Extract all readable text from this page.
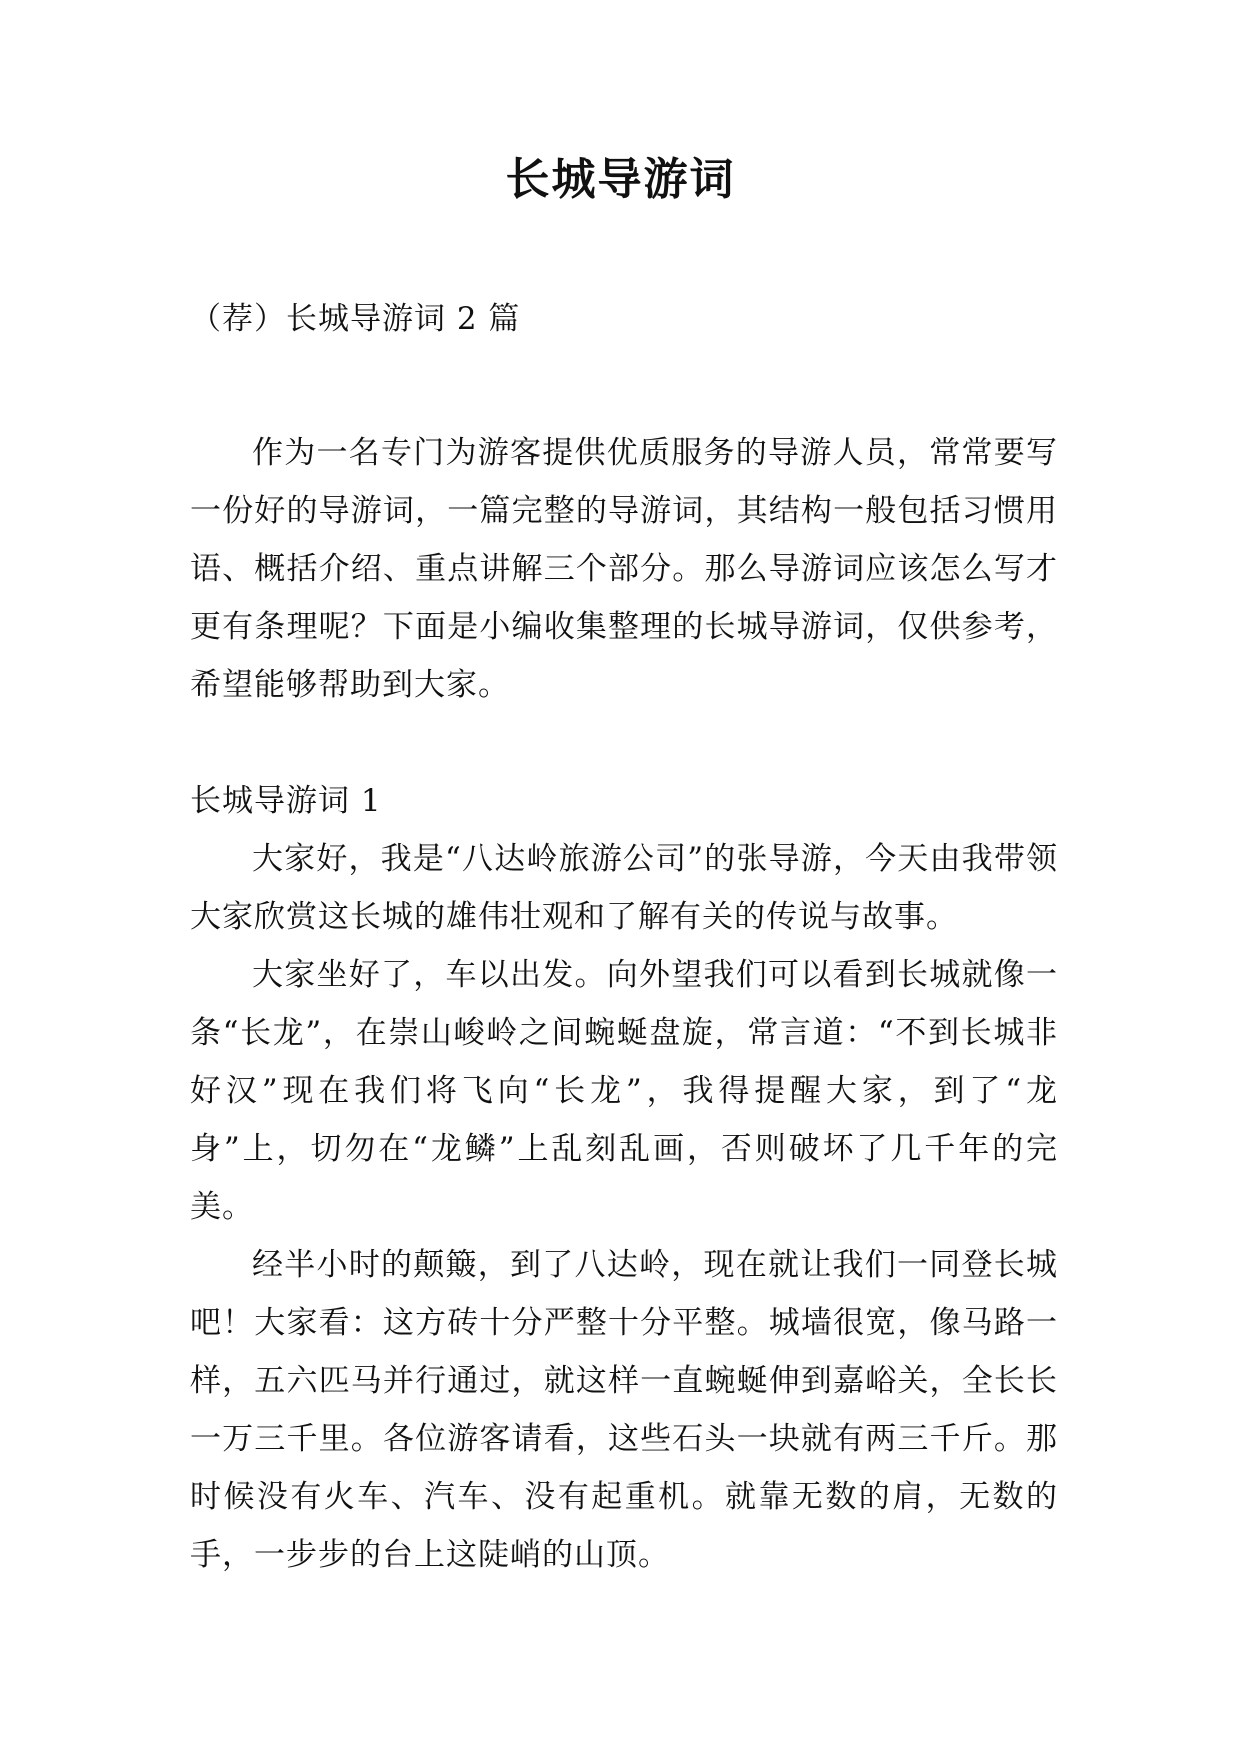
长城导游词

（荐）长城导游词 2 篇

作为一名专门为游客提供优质服务的导游人员，常常要写一份好的导游词，一篇完整的导游词，其结构一般包括习惯用语、概括介绍、重点讲解三个部分。那么导游词应该怎么写才更有条理呢？下面是小编收集整理的长城导游词，仅供参考，希望能够帮助到大家。

长城导游词 1

大家好，我是“八达岭旅游公司”的张导游，今天由我带领大家欣赏这长城的雄伟壮观和了解有关的传说与故事。

大家坐好了，车以出发。向外望我们可以看到长城就像一条“长龙”，在崇山峻岭之间蜿蜒盘旋，常言道：“不到长城非好汉”现在我们将飞向“长龙”，我得提醒大家，到了“龙身”上，切勿在“龙鳞”上乱刻乱画，否则破坏了几千年的完美。

经半小时的颠簸，到了八达岭，现在就让我们一同登长城吧！大家看：这方砖十分严整十分平整。城墙很宽，像马路一样，五六匹马并行通过，就这样一直蜿蜒伸到嘉峪关，全长长一万三千里。各位游客请看，这些石头一块就有两三千斤。那时候没有火车、汽车、没有起重机。就靠无数的肩，无数的手，一步步的台上这陡峭的山顶。
